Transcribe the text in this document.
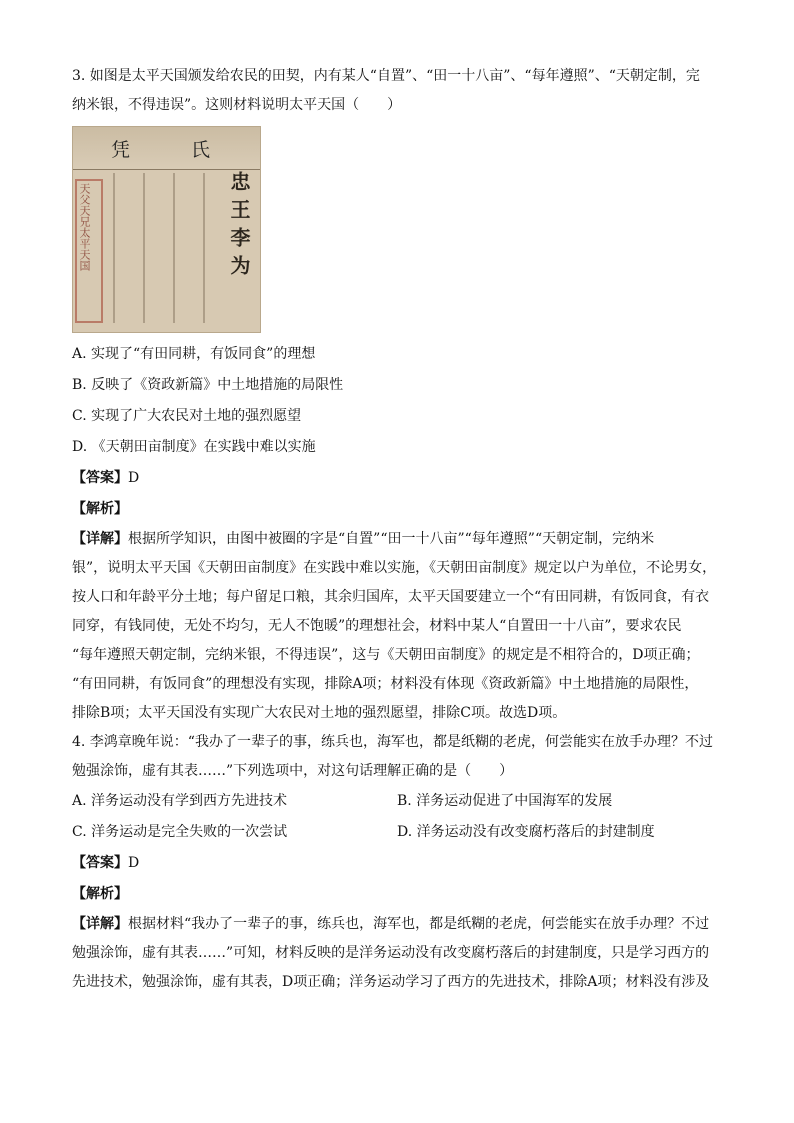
3. 如图是太平天国颁发给农民的田契，内有某人“自置”、“田一十八亩”、“每年遵照”、“天朝定制，完

纳米银，不得违误”。这则材料说明太平天国（　　）

凭	氏
天父天兄太平天国	忠王李为

A. 实现了“有田同耕，有饭同食”的理想

B. 反映了《资政新篇》中土地措施的局限性

C. 实现了广大农民对土地的强烈愿望

D. 《天朝田亩制度》在实践中难以实施

【答案】D

【解析】

【详解】根据所学知识，由图中被圈的字是“自置”“田一十八亩”“每年遵照”“天朝定制，完纳米

银”，说明太平天国《天朝田亩制度》在实践中难以实施，《天朝田亩制度》规定以户为单位，不论男女，

按人口和年龄平分土地；每户留足口粮，其余归国库，太平天国要建立一个“有田同耕，有饭同食，有衣

同穿，有钱同使，无处不均匀，无人不饱暖”的理想社会，材料中某人“自置田一十八亩”，要求农民

“每年遵照天朝定制，完纳米银，不得违误”，这与《天朝田亩制度》的规定是不相符合的，D项正确；

“有田同耕，有饭同食”的理想没有实现，排除A项；材料没有体现《资政新篇》中土地措施的局限性，

排除B项；太平天国没有实现广大农民对土地的强烈愿望，排除C项。故选D项。

4. 李鸿章晚年说：“我办了一辈子的事，练兵也，海军也，都是纸糊的老虎，何尝能实在放手办理？不过

勉强涂饰，虚有其表……”下列选项中，对这句话理解正确的是（　　）

A. 洋务运动没有学到西方先进技术	B. 洋务运动促进了中国海军的发展

C. 洋务运动是完全失败的一次尝试	D. 洋务运动没有改变腐朽落后的封建制度

【答案】D

【解析】

【详解】根据材料“我办了一辈子的事，练兵也，海军也，都是纸糊的老虎，何尝能实在放手办理？不过

勉强涂饰，虚有其表……”可知，材料反映的是洋务运动没有改变腐朽落后的封建制度，只是学习西方的

先进技术，勉强涂饰，虚有其表，D项正确；洋务运动学习了西方的先进技术，排除A项；材料没有涉及
